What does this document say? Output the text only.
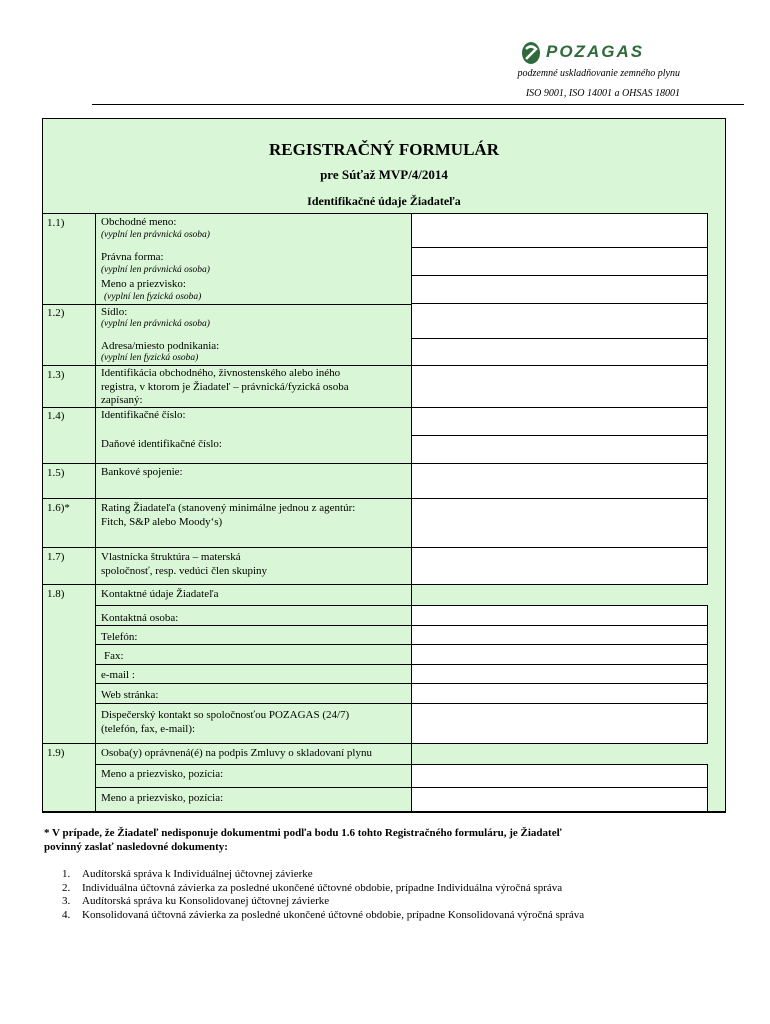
POZAGAS
podzemné uskladňovanie zemného plynu
ISO 9001, ISO 14001 a OHSAS 18001
REGISTRAČNÝ FORMULÁR
pre Súťaž MVP/4/2014
Identifikačné údaje Žiadateľa
1.1)
1.2)
1.3)
1.4)
1.5)
1.6)*
1.7)
1.8)
1.9)
Obchodné meno:
(vyplní len právnická osoba)
Právna forma:
(vyplní len právnická osoba)
Meno a priezvisko:
(vyplní len fyzická osoba)
Sídlo:
(vyplní len právnická osoba)
Adresa/miesto podnikania:
(vyplní len fyzická osoba)
Identifikácia obchodného, živnostenského alebo iného
registra, v ktorom je Žiadateľ – právnická/fyzická osoba
zapísaný:
Identifikačné číslo:
Daňové identifikačné číslo:
Bankové spojenie:
Rating Žiadateľa (stanovený minimálne jednou z agentúr:
Fitch, S&P alebo Moody‘s)
Vlastnícka štruktúra – materská
spoločnosť, resp. vedúci člen skupiny
Kontaktné údaje Žiadateľa
Kontaktná osoba:
Telefón:
Fax:
e-mail :
Web stránka:
Dispečerský kontakt so spoločnosťou POZAGAS (24/7)
(telefón, fax, e-mail):
Osoba(y) oprávnená(é) na podpis Zmluvy o skladovaní plynu
Meno a priezvisko, pozícia:
Meno a priezvisko, pozícia:
* V prípade, že Žiadateľ nedisponuje dokumentmi podľa bodu 1.6 tohto Registračného formuláru, je Žiadateľ
povinný zaslať nasledovné dokumenty:
1. Audítorská správa k Individuálnej účtovnej závierke
2. Individuálna účtovná závierka za posledné ukončené účtovné obdobie, prípadne Individuálna výročná správa
3. Audítorská správa ku Konsolidovanej účtovnej závierke
4. Konsolidovaná účtovná závierka za posledné ukončené účtovné obdobie, prípadne Konsolidovaná výročná správa
